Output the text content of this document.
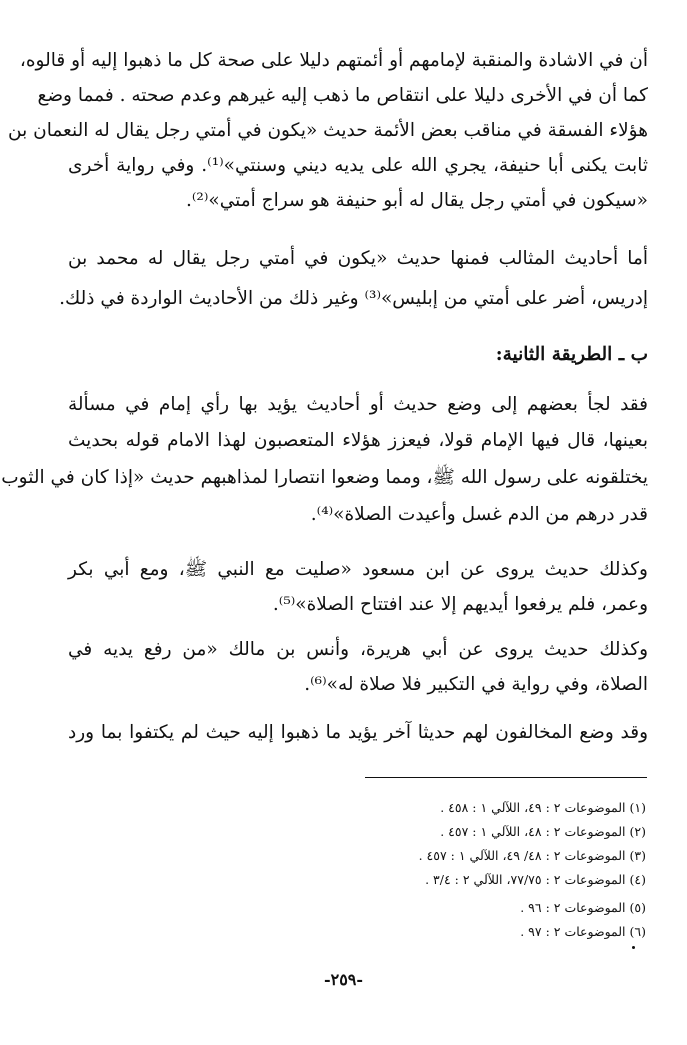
أن في الاشادة والمنقبة لإمامهم أو أئمتهم دليلا على صحة كل ما ذهبوا إليه أو قالوه،
كما أن في الأخرى دليلا على انتقاص ما ذهب إليه غيرهم وعدم صحته . فمما وضع
هؤلاء الفسقة في مناقب بعض الأئمة حديث «يكون في أمتي رجل يقال له النعمان بن
ثابت يكنى أبا حنيفة، يجري الله على يديه ديني وسنتي»⁽¹⁾. وفي رواية أخرى
«سيكون في أمتي رجل يقال له أبو حنيفة هو سراج أمتي»⁽²⁾.
أما أحاديث المثالب فمنها حديث «يكون في أمتي رجل يقال له محمد بن
إدريس، أضر على أمتي من إبليس»⁽³⁾ وغير ذلك من الأحاديث الواردة في ذلك.
ب ـ الطريقة الثانية:
فقد لجأ بعضهم إلى وضع حديث أو أحاديث يؤيد بها رأي إمام في مسألة
بعينها، قال فيها الإمام قولا، فيعزز هؤلاء المتعصبون لهذا الامام قوله بحديث
يختلقونه على رسول الله ﷺ، ومما وضعوا انتصارا لمذاهبهم حديث «إذا كان في الثوب
قدر درهم من الدم غسل وأعيدت الصلاة»⁽⁴⁾.
وكذلك حديث يروى عن ابن مسعود «صليت مع النبي ﷺ، ومع أبي بكر
وعمر، فلم يرفعوا أيديهم إلا عند افتتاح الصلاة»⁽⁵⁾.
وكذلك حديث يروى عن أبي هريرة، وأنس بن مالك «من رفع يديه في
الصلاة، وفي رواية في التكبير فلا صلاة له»⁽⁶⁾.
وقد وضع المخالفون لهم حديثا آخر يؤيد ما ذهبوا إليه حيث لم يكتفوا بما ورد
(١) الموضوعات ٢ : ٤٩، اللآلي ١ : ٤٥٨ .
(٢) الموضوعات ٢ : ٤٨، اللآلي ١ : ٤٥٧ .
(٣) الموضوعات ٢ : ٤٨/ ٤٩، اللآلي ١ : ٤٥٧ .
(٤) الموضوعات ٢ : ٧٧/٧٥، اللآلي ٢ : ٣/٤ .
(٥) الموضوعات ٢ : ٩٦ .
(٦) الموضوعات ٢ : ٩٧ .
-٢٥٩-
